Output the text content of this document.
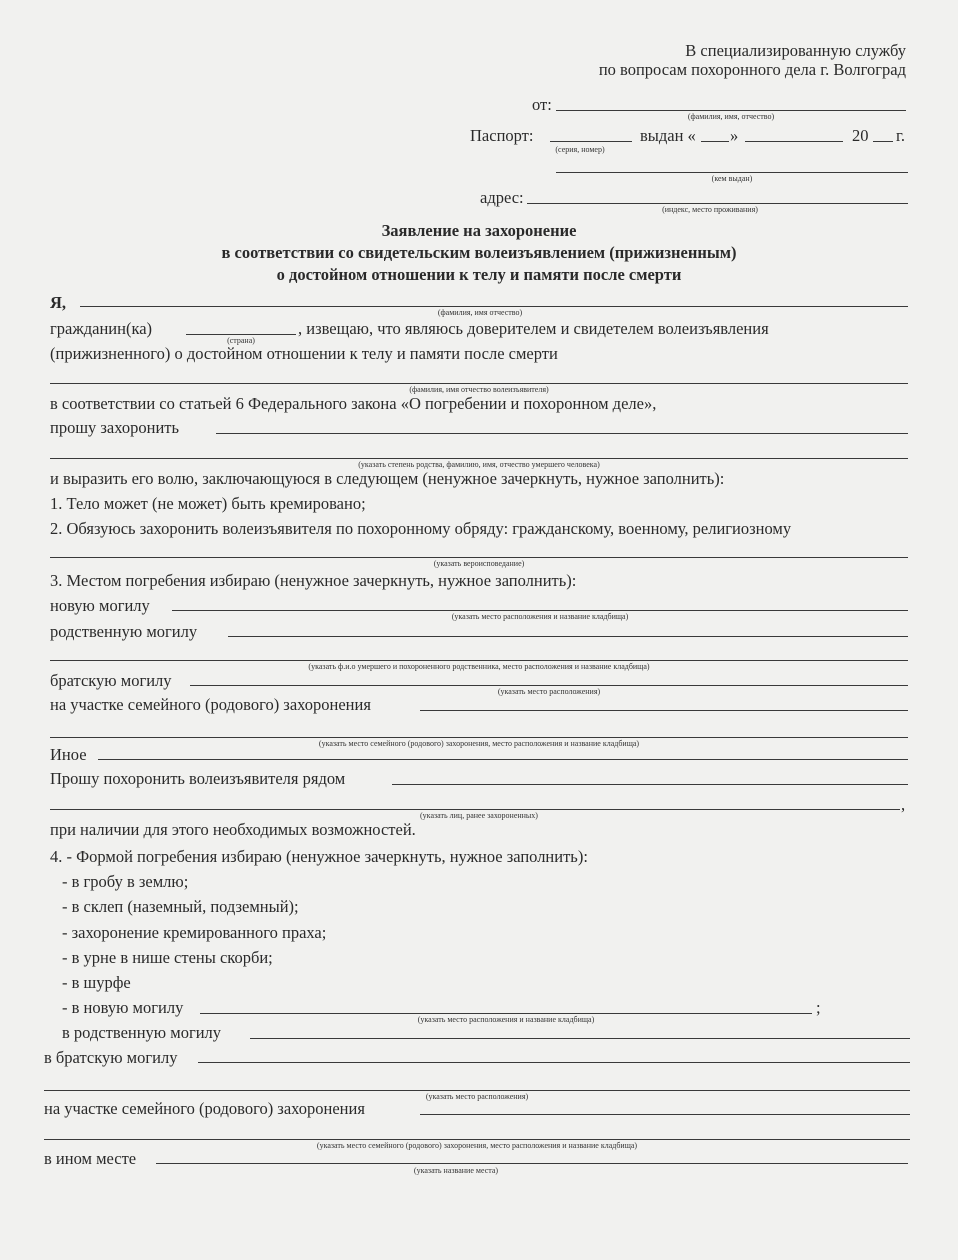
В специализированную службу
по вопросам похоронного дела г. Волгоград
от:
(фамилия, имя, отчество)
Паспорт:
(серия, номер)
выдан « »	20 г.
(кем выдан)
адрес:
(индекс, место проживания)
Заявление на захоронение
в соответствии со свидетельским волеизъявлением (прижизненным)
о достойном отношении к телу и памяти после смерти
Я,
(фамилия, имя отчество)
гражданин(ка)
(страна)
, извещаю, что являюсь доверителем и свидетелем волеизъявления
(прижизненного) о достойном отношении к телу и памяти после смерти
(фамилия, имя отчество волеизъявителя)
в соответствии со статьей 6 Федерального закона «О погребении и похоронном деле»,
прошу захоронить
(указать степень родства, фамилию, имя, отчество умершего человека)
и выразить его волю, заключающуюся в следующем (ненужное зачеркнуть, нужное заполнить):
1. Тело может (не может) быть кремировано;
2. Обязуюсь захоронить волеизъявителя по похоронному обряду: гражданскому, военному, религиозному
(указать вероисповедание)
3. Местом погребения избираю (ненужное зачеркнуть, нужное заполнить):
новую могилу
(указать место расположения и название кладбища)
родственную могилу
(указать ф.и.о умершего и похороненного родственника, место расположения и название кладбища)
братскую могилу
(указать место расположения)
на участке семейного (родового) захоронения
(указать место семейного (родового) захоронения, место расположения и название кладбища)
Иное
Прошу похоронить волеизъявителя рядом
,
(указать лиц, ранее захороненных)
при наличии для этого необходимых возможностей.
4. - Формой погребения избираю (ненужное зачеркнуть, нужное заполнить):
- в гробу в землю;
- в склеп (наземный, подземный);
- захоронение кремированного праха;
- в урне в нише стены скорби;
- в шурфе
- в новую могилу	;
(указать место расположения и название кладбища)
в родственную могилу
в братскую могилу
(указать место расположения)
на участке семейного (родового) захоронения
(указать место семейного (родового) захоронения, место расположения и название кладбища)
в ином месте
(указать название места)
